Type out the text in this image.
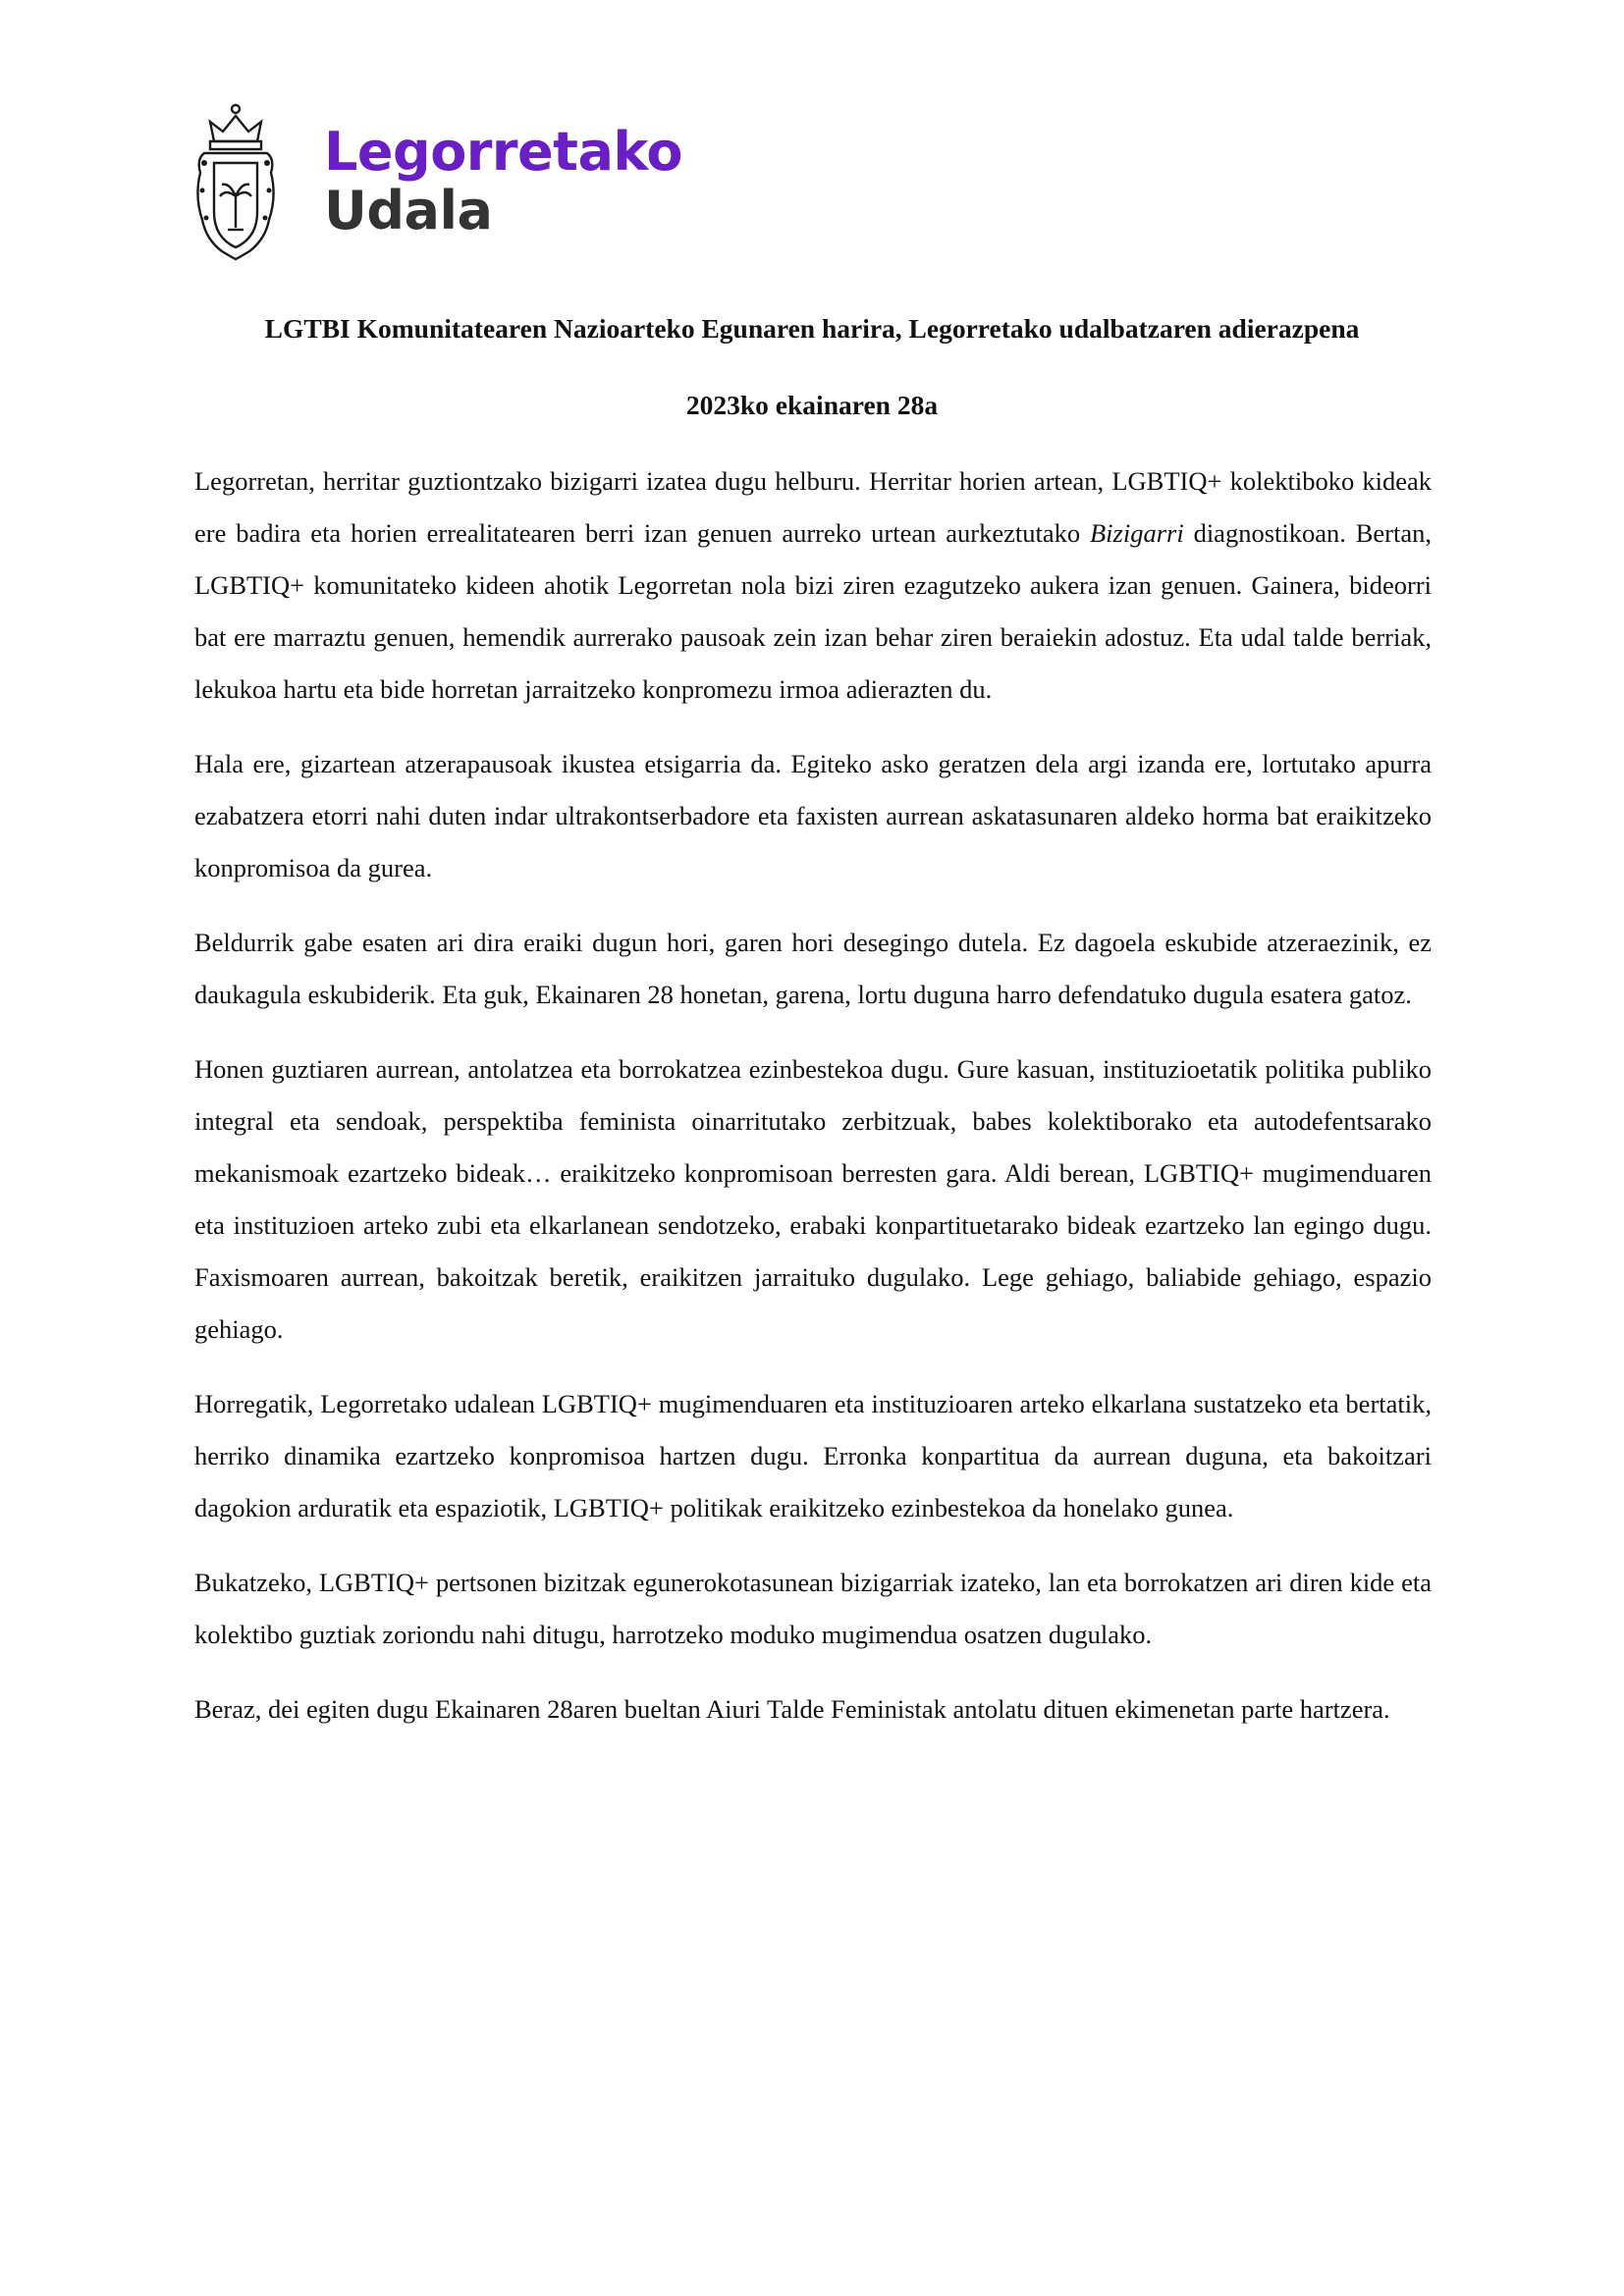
Legorretako
Udala
LGTBI Komunitatearen Nazioarteko Egunaren harira, Legorretako udalbatzaren adierazpena
2023ko ekainaren 28a

Legorretan, herritar guztiontzako bizigarri izatea dugu helburu. Herritar horien artean, LGBTIQ+ kolektiboko kideak ere badira eta horien errealitatearen berri izan genuen aurreko urtean aurkeztutako Bizigarri diagnostikoan. Bertan, LGBTIQ+ komunitateko kideen ahotik Legorretan nola bizi ziren ezagutzeko aukera izan genuen. Gainera, bideorri bat ere marraztu genuen, hemendik aurrerako pausoak zein izan behar ziren beraiekin adostuz. Eta udal talde berriak, lekukoa hartu eta bide horretan jarraitzeko konpromezu irmoa adierazten du.

Hala ere, gizartean atzerapausoak ikustea etsigarria da. Egiteko asko geratzen dela argi izanda ere, lortutako apurra ezabatzera etorri nahi duten indar ultrakontserbadore eta faxisten aurrean askatasunaren aldeko horma bat eraikitzeko konpromisoa da gurea.

Beldurrik gabe esaten ari dira eraiki dugun hori, garen hori desegingo dutela. Ez dagoela eskubide atzeraezinik, ez daukagula eskubiderik. Eta guk, Ekainaren 28 honetan, garena, lortu duguna harro defendatuko dugula esatera gatoz.

Honen guztiaren aurrean, antolatzea eta borrokatzea ezinbestekoa dugu. Gure kasuan, instituzioetatik politika publiko integral eta sendoak, perspektiba feminista oinarritutako zerbitzuak, babes kolektiborako eta autodefentsarako mekanismoak ezartzeko bideak… eraikitzeko konpromisoan berresten gara. Aldi berean, LGBTIQ+ mugimenduaren eta instituzioen arteko zubi eta elkarlanean sendotzeko, erabaki konpartituetarako bideak ezartzeko lan egingo dugu. Faxismoaren aurrean, bakoitzak beretik, eraikitzen jarraituko dugulako. Lege gehiago, baliabide gehiago, espazio gehiago.

Horregatik, Legorretako udalean LGBTIQ+ mugimenduaren eta instituzioaren arteko elkarlana sustatzeko eta bertatik, herriko dinamika ezartzeko konpromisoa hartzen dugu. Erronka konpartitua da aurrean duguna, eta bakoitzari dagokion arduratik eta espaziotik, LGBTIQ+ politikak eraikitzeko ezinbestekoa da honelako gunea.

Bukatzeko, LGBTIQ+ pertsonen bizitzak egunerokotasunean bizigarriak izateko, lan eta borrokatzen ari diren kide eta kolektibo guztiak zoriondu nahi ditugu, harrotzeko moduko mugimendua osatzen dugulako.

Beraz, dei egiten dugu Ekainaren 28aren bueltan Aiuri Talde Feministak antolatu dituen ekimenetan parte hartzera.
